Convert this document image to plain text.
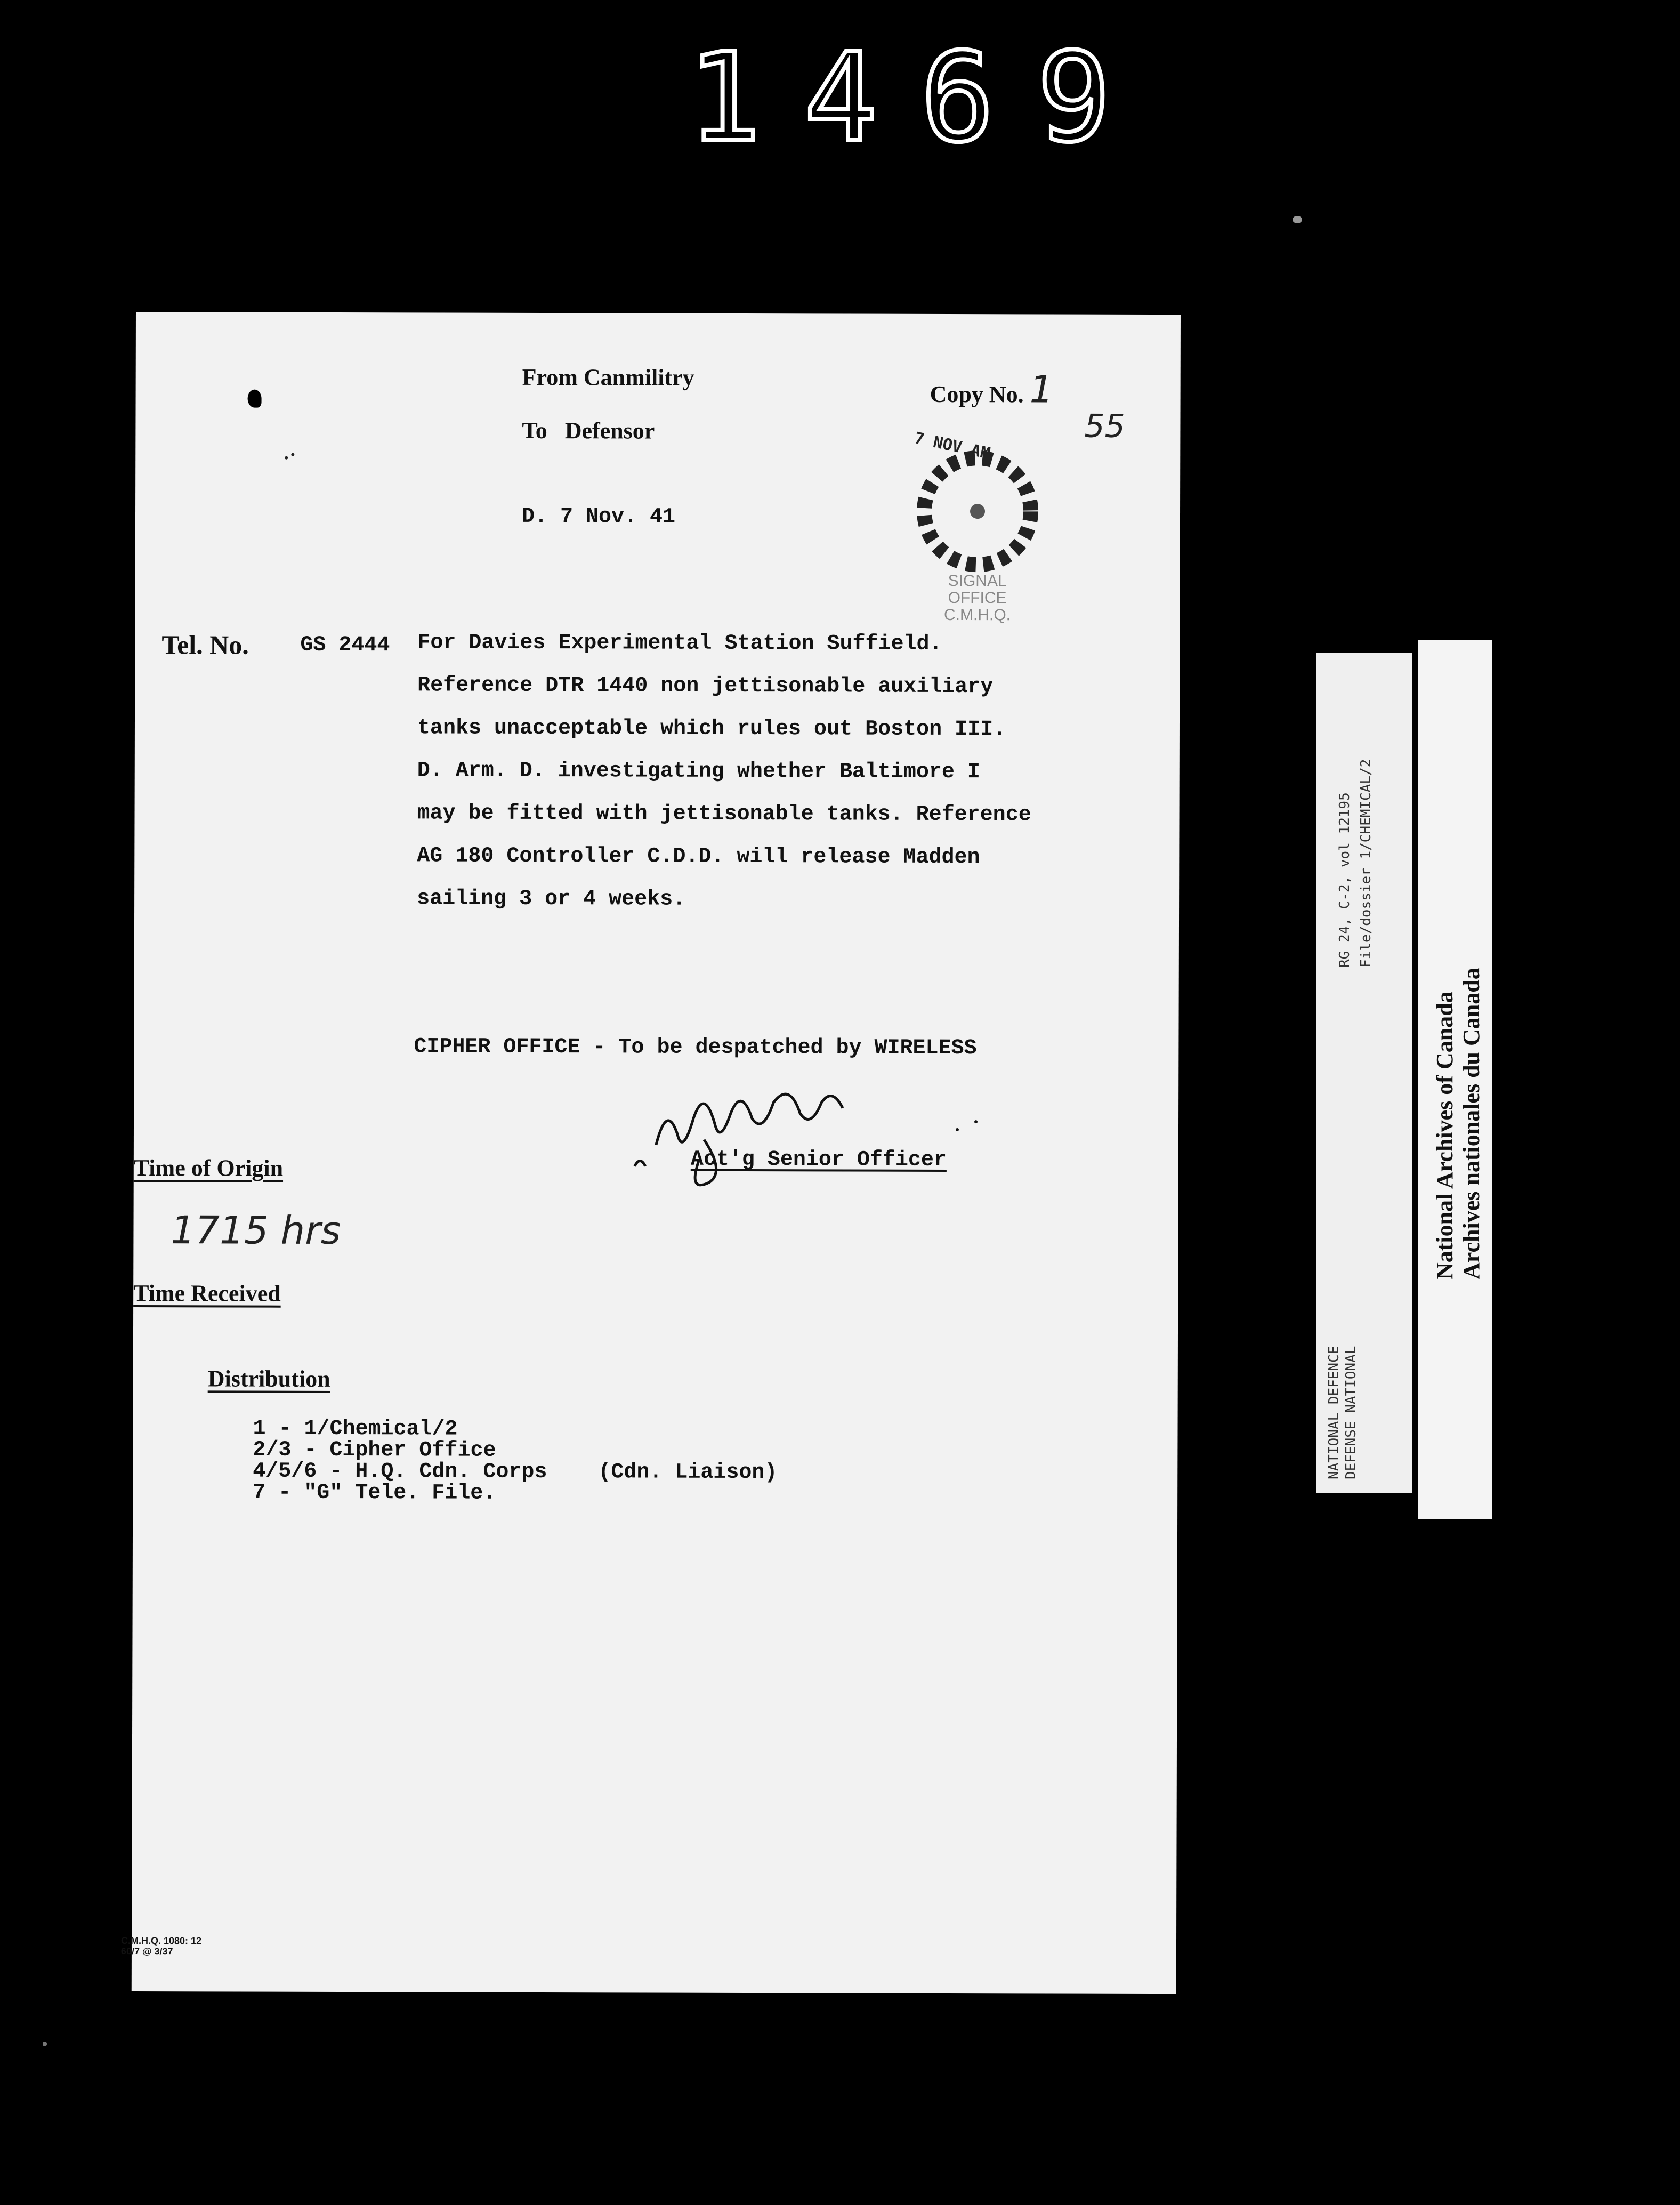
1469
From Canmilitry
To Defensor
Copy No. 1
55
D. 7 Nov. 41
7 NOV AM
SIGNAL
OFFICE
C.M.H.Q.
Tel. No. GS 2444 For Davies Experimental Station Suffield.
Reference DTR 1440 non jettisonable auxiliary
tanks unacceptable which rules out Boston III.
D. Arm. D. investigating whether Baltimore I
may be fitted with jettisonable tanks. Reference
AG 180 Controller C.D.D. will release Madden
sailing 3 or 4 weeks.
CIPHER OFFICE - To be despatched by WIRELESS
Act'g Senior Officer
Time of Origin
1715 hrs
Time Received
Distribution
1 - 1/Chemical/2
2/3 - Cipher Office
4/5/6 - H.Q. Cdn. Corps    (Cdn. Liaison)
7 - "G" Tele. File.
C.M.H.Q. 1080: 12
60/7 @ 3/37
RG 24, C-2, vol 12195 File/dossier 1/CHEMICAL/2
NATIONAL DEFENCE DEFENSE NATIONAL
National Archives of Canada Archives nationales du Canada
